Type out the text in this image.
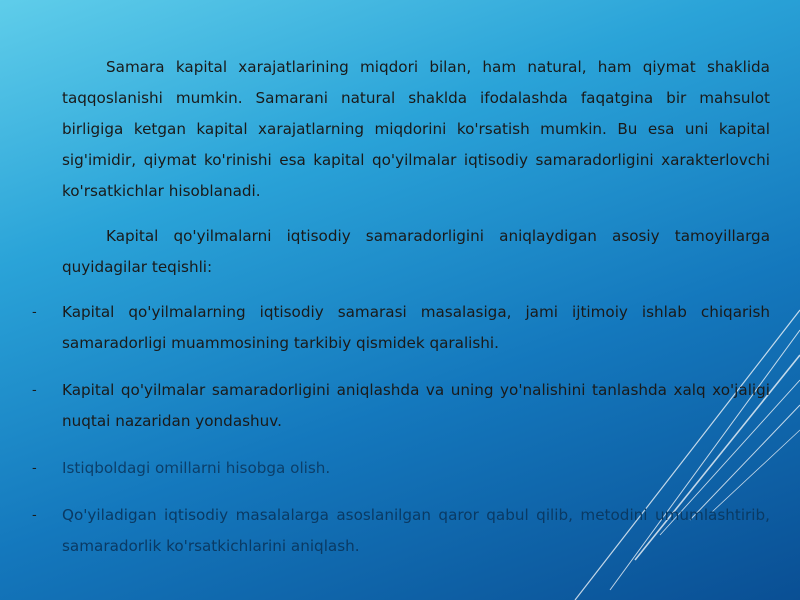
Samara kapital xarajatlarining miqdori bilan, ham natural, ham qiymat shaklida taqqoslanishi mumkin. Samarani natural shaklda ifodalashda faqatgina bir mahsulot birligiga ketgan kapital xarajatlarning miqdorini ko'rsatish mumkin. Bu esa uni kapital sig'imidir, qiymat ko'rinishi esa kapital qo'yilmalar iqtisodiy samaradorligini xarakterlovchi ko'rsatkichlar hisoblanadi.

Kapital qo'yilmalarni iqtisodiy samaradorligini aniqlaydigan asosiy tamoyillarga quyidagilar teqishli:

- Kapital qo'yilmalarning iqtisodiy samarasi masalasiga, jami ijtimoiy ishlab chiqarish samaradorligi muammosining tarkibiy qismidek qaralishi.
- Kapital qo'yilmalar samaradorligini aniqlashda va uning yo'nalishini tanlashda xalq xo'jaligi nuqtai nazaridan yondashuv.
- Istiqboldagi omillarni hisobga olish.
- Qo'yiladigan iqtisodiy masalalarga asoslanilgan qaror qabul qilib, metodini umumlashtirib, samaradorlik ko'rsatkichlarini aniqlash.
